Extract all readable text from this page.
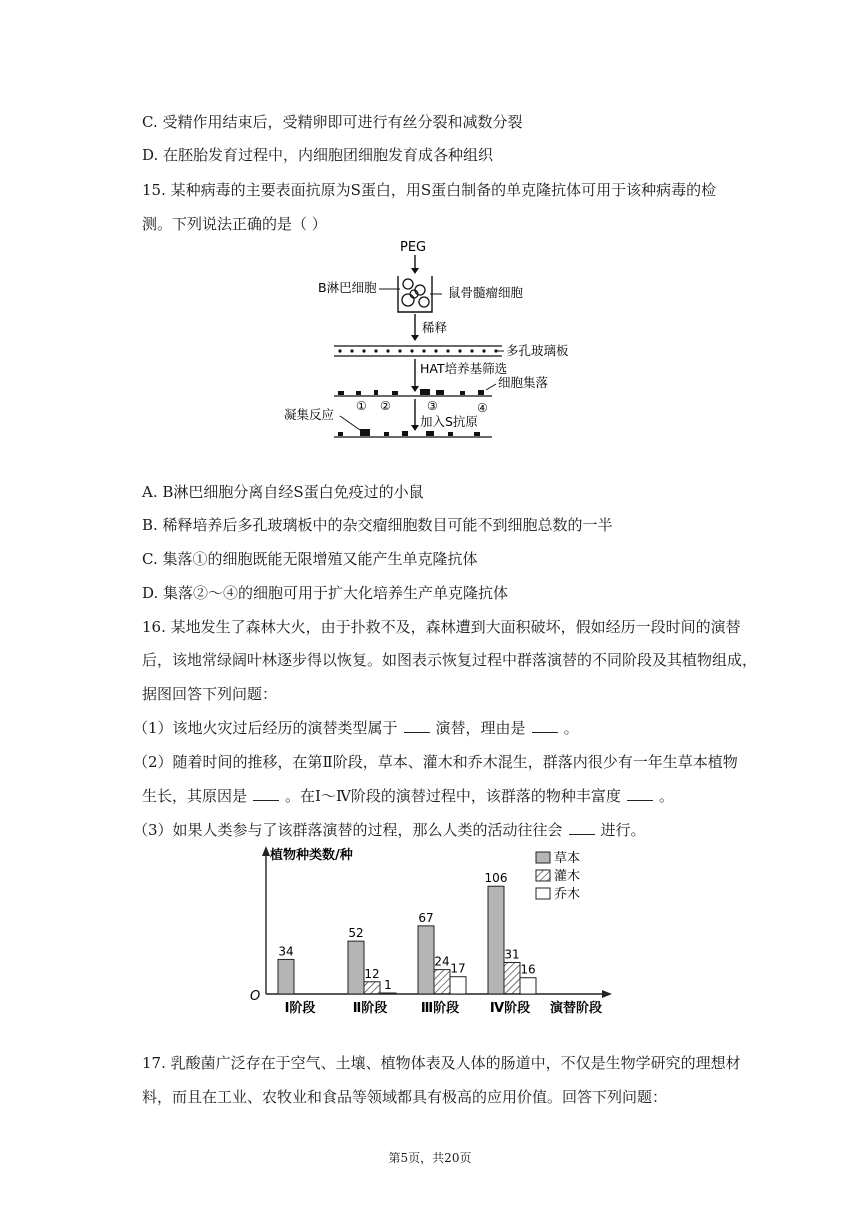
C. 受精作用结束后，受精卵即可进行有丝分裂和减数分裂
D. 在胚胎发育过程中，内细胞团细胞发育成各种组织
15. 某种病毒的主要表面抗原为S蛋白，用S蛋白制备的单克隆抗体可用于该种病毒的检
测。下列说法正确的是（ ）
PEG
B淋巴细胞	鼠骨髓瘤细胞
稀释
多孔玻璃板
HAT培养基筛选
细胞集落
① ②	③	④
加入S抗原
凝集反应
A. B淋巴细胞分离自经S蛋白免疫过的小鼠
B. 稀释培养后多孔玻璃板中的杂交瘤细胞数目可能不到细胞总数的一半
C. 集落①的细胞既能无限增殖又能产生单克隆抗体
D. 集落②～④的细胞可用于扩大化培养生产单克隆抗体
16. 某地发生了森林大火，由于扑救不及，森林遭到大面积破坏，假如经历一段时间的演替
后，该地常绿阔叶林逐步得以恢复。如图表示恢复过程中群落演替的不同阶段及其植物组成，
据图回答下列问题：
（1）该地火灾过后经历的演替类型属于	演替，理由是	。
（2）随着时间的推移，在第Ⅱ阶段，草本、灌木和乔木混生，群落内很少有一年生草本植物
生长，其原因是	。在Ⅰ～Ⅳ阶段的演替过程中，该群落的物种丰富度	。
（3）如果人类参与了该群落演替的过程，那么人类的活动往往会	进行。
植物种类数/种
O
演替阶段
草本
灌木
乔木
34
Ⅰ阶段
52
12
1
Ⅱ阶段
67
24
17
Ⅲ阶段
106
31
16
Ⅳ阶段
17. 乳酸菌广泛存在于空气、土壤、植物体表及人体的肠道中，不仅是生物学研究的理想材
料，而且在工业、农牧业和食品等领域都具有极高的应用价值。回答下列问题：
第5页，共20页
